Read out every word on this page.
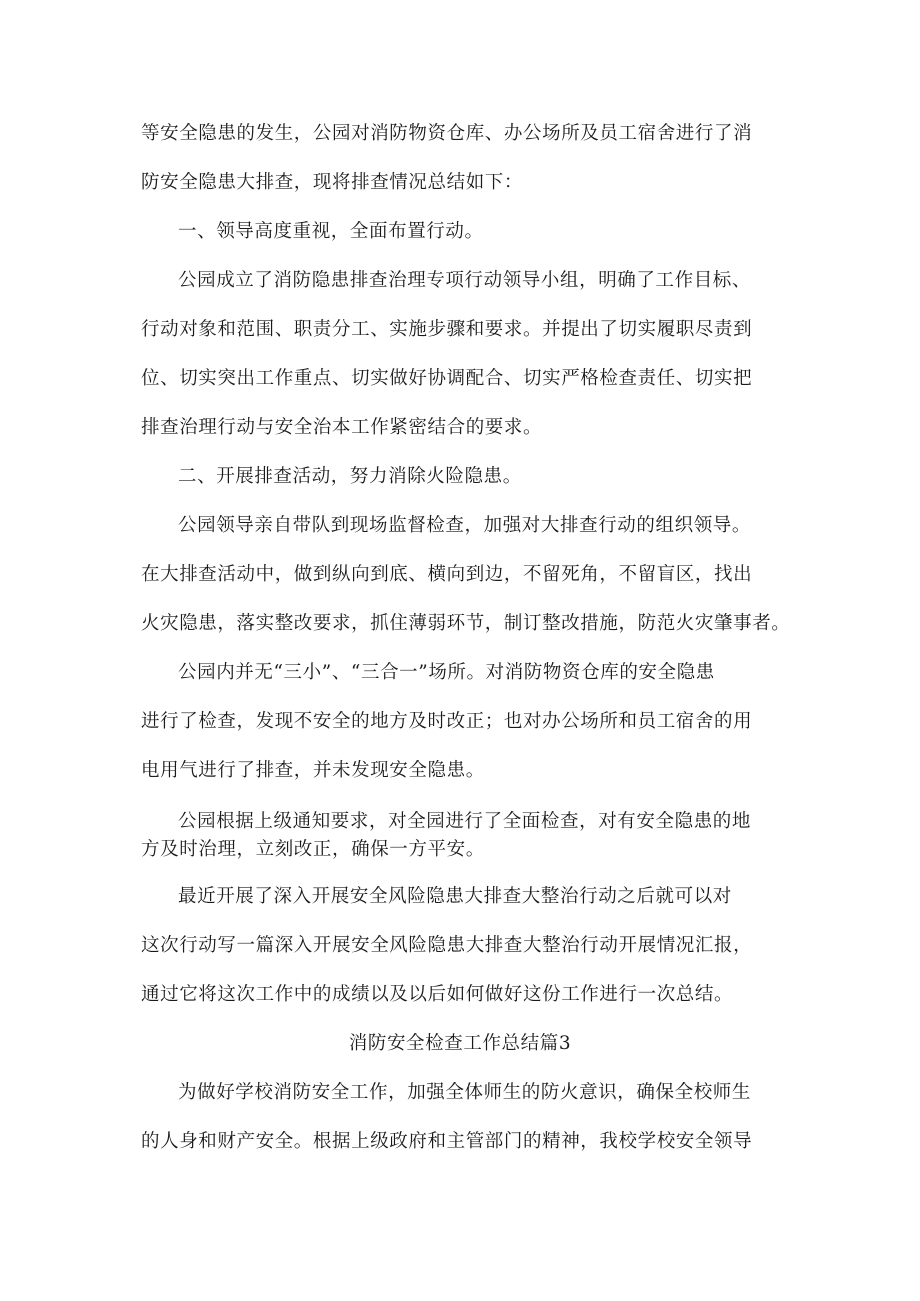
等安全隐患的发生，公园对消防物资仓库、办公场所及员工宿舍进行了消
防安全隐患大排查，现将排查情况总结如下：
一、领导高度重视，全面布置行动。
公园成立了消防隐患排查治理专项行动领导小组，明确了工作目标、
行动对象和范围、职责分工、实施步骤和要求。并提出了切实履职尽责到
位、切实突出工作重点、切实做好协调配合、切实严格检查责任、切实把
排查治理行动与安全治本工作紧密结合的要求。
二、开展排查活动，努力消除火险隐患。
公园领导亲自带队到现场监督检查，加强对大排查行动的组织领导。
在大排查活动中，做到纵向到底、横向到边，不留死角，不留盲区，找出
火灾隐患，落实整改要求，抓住薄弱环节，制订整改措施，防范火灾肇事者。
公园内并无“三小”、“三合一”场所。对消防物资仓库的安全隐患
进行了检查，发现不安全的地方及时改正；也对办公场所和员工宿舍的用
电用气进行了排查，并未发现安全隐患。
公园根据上级通知要求，对全园进行了全面检查，对有安全隐患的地
方及时治理，立刻改正，确保一方平安。
最近开展了深入开展安全风险隐患大排查大整治行动之后就可以对
这次行动写一篇深入开展安全风险隐患大排查大整治行动开展情况汇报，
通过它将这次工作中的成绩以及以后如何做好这份工作进行一次总结。
消防安全检查工作总结篇3
为做好学校消防安全工作，加强全体师生的防火意识，确保全校师生
的人身和财产安全。根据上级政府和主管部门的精神，我校学校安全领导
